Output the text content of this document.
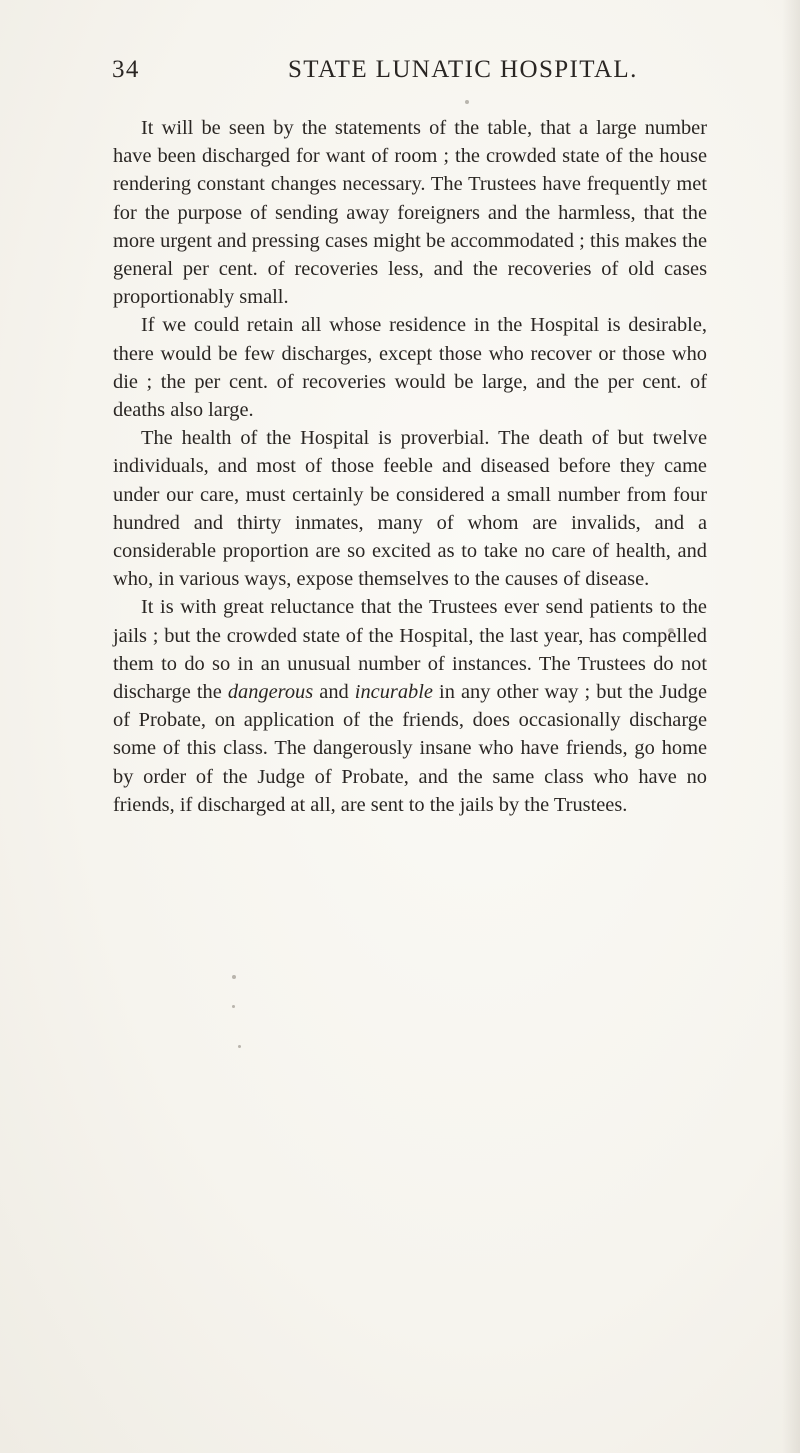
34	STATE LUNATIC HOSPITAL.

It will be seen by the statements of the table, that a large number have been discharged for want of room ; the crowded state of the house rendering constant changes necessary. The Trustees have frequently met for the purpose of sending away foreigners and the harmless, that the more urgent and pressing cases might be accommodated ; this makes the general per cent. of recoveries less, and the recoveries of old cases proportionably small.

If we could retain all whose residence in the Hospital is desirable, there would be few discharges, except those who recover or those who die ; the per cent. of recoveries would be large, and the per cent. of deaths also large.

The health of the Hospital is proverbial. The death of but twelve individuals, and most of those feeble and diseased before they came under our care, must certainly be considered a small number from four hundred and thirty inmates, many of whom are invalids, and a considerable proportion are so excited as to take no care of health, and who, in various ways, expose themselves to the causes of disease.

It is with great reluctance that the Trustees ever send patients to the jails ; but the crowded state of the Hospital, the last year, has compelled them to do so in an unusual number of instances. The Trustees do not discharge the dangerous and incurable in any other way ; but the Judge of Probate, on application of the friends, does occasionally discharge some of this class. The dangerously insane who have friends, go home by order of the Judge of Probate, and the same class who have no friends, if discharged at all, are sent to the jails by the Trustees.
